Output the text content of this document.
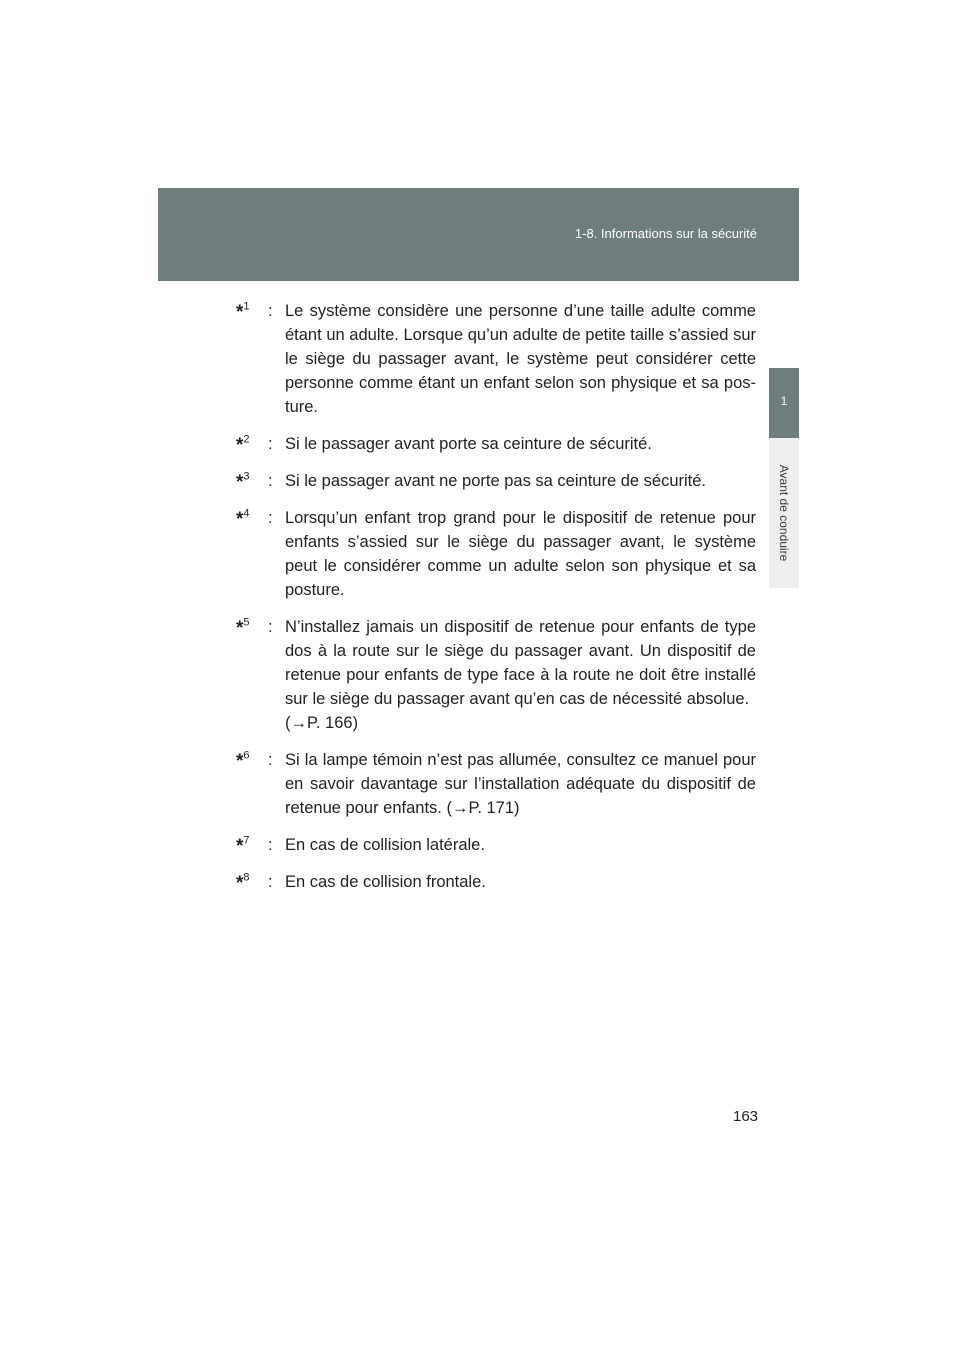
1-8. Informations sur la sécurité
1
Avant de conduire
*$^1$	: Le système considère une personne d’une taille adulte comme étant un adulte. Lorsque qu’un adulte de petite taille s’assied sur le siège du passager avant, le système peut considérer cette personne comme étant un enfant selon son physique et sa pos-ture.
*$^2$	: Si le passager avant porte sa ceinture de sécurité.
*$^3$	: Si le passager avant ne porte pas sa ceinture de sécurité.
*$^4$	: Lorsqu’un enfant trop grand pour le dispositif de retenue pour enfants s’assied sur le siège du passager avant, le système peut le considérer comme un adulte selon son physique et sa posture.
*$^5$	: N’installez jamais un dispositif de retenue pour enfants de type dos à la route sur le siège du passager avant. Un dispositif de retenue pour enfants de type face à la route ne doit être installé sur le siège du passager avant qu’en cas de nécessité absolue.
(→P. 166)
*$^6$	: Si la lampe témoin n’est pas allumée, consultez ce manuel pour en savoir davantage sur l’installation adéquate du dispositif de retenue pour enfants. (→P. 171)
*$^7$	: En cas de collision latérale.
*$^8$	: En cas de collision frontale.
163
